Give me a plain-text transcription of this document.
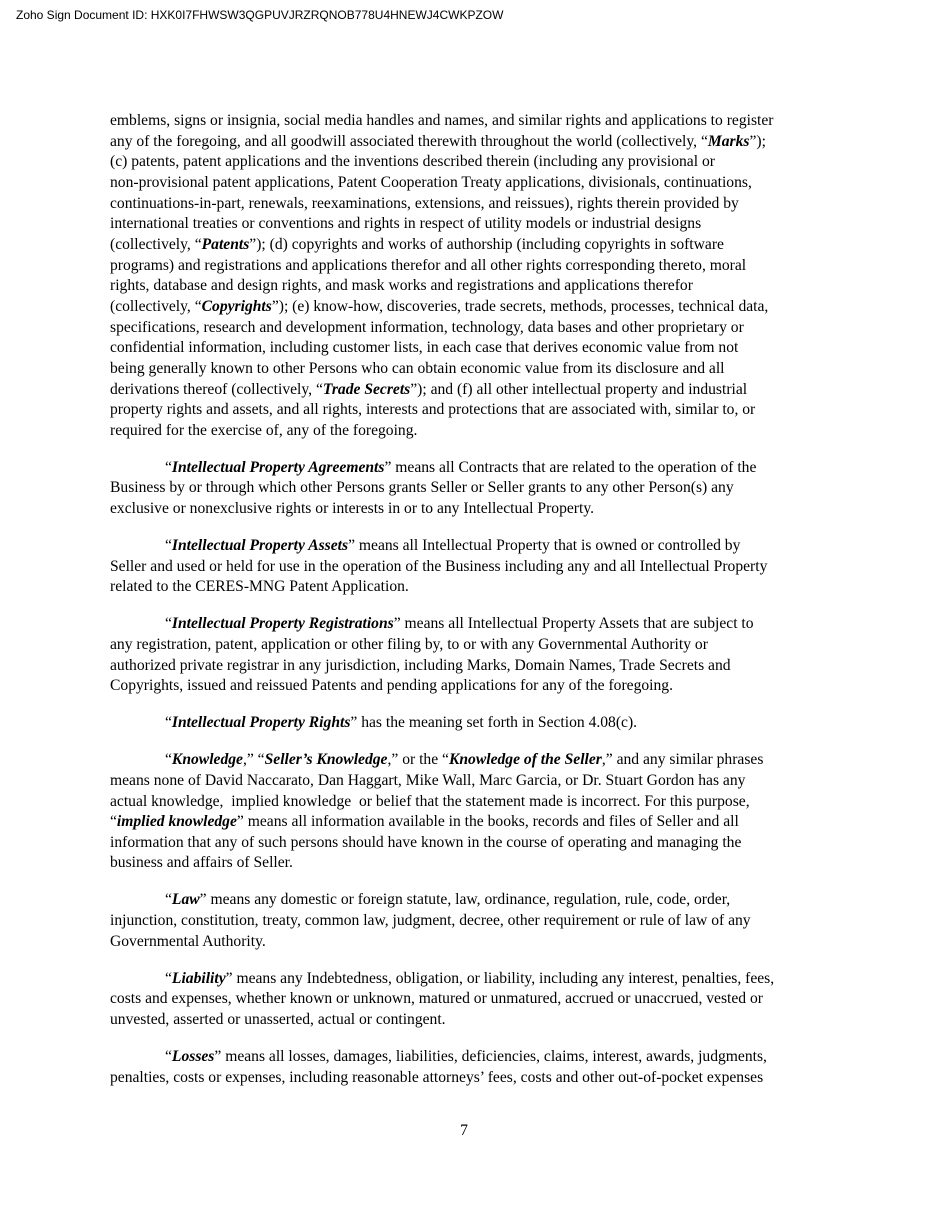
Zoho Sign Document ID: HXK0I7FHWSW3QGPUVJRZRQNOB778U4HNEWJ4CWKPZOW

emblems, signs or insignia, social media handles and names, and similar rights and applications to register
any of the foregoing, and all goodwill associated therewith throughout the world (collectively, “Marks”);
(c) patents, patent applications and the inventions described therein (including any provisional or
non-provisional patent applications, Patent Cooperation Treaty applications, divisionals, continuations,
continuations-in-part, renewals, reexaminations, extensions, and reissues), rights therein provided by
international treaties or conventions and rights in respect of utility models or industrial designs
(collectively, “Patents”); (d) copyrights and works of authorship (including copyrights in software
programs) and registrations and applications therefor and all other rights corresponding thereto, moral
rights, database and design rights, and mask works and registrations and applications therefor
(collectively, “Copyrights”); (e) know-how, discoveries, trade secrets, methods, processes, technical data,
specifications, research and development information, technology, data bases and other proprietary or
confidential information, including customer lists, in each case that derives economic value from not
being generally known to other Persons who can obtain economic value from its disclosure and all
derivations thereof (collectively, “Trade Secrets”); and (f) all other intellectual property and industrial
property rights and assets, and all rights, interests and protections that are associated with, similar to, or
required for the exercise of, any of the foregoing.

“Intellectual Property Agreements” means all Contracts that are related to the operation of the
Business by or through which other Persons grants Seller or Seller grants to any other Person(s) any
exclusive or nonexclusive rights or interests in or to any Intellectual Property.

“Intellectual Property Assets” means all Intellectual Property that is owned or controlled by
Seller and used or held for use in the operation of the Business including any and all Intellectual Property
related to the CERES-MNG Patent Application.

“Intellectual Property Registrations” means all Intellectual Property Assets that are subject to
any registration, patent, application or other filing by, to or with any Governmental Authority or
authorized private registrar in any jurisdiction, including Marks, Domain Names, Trade Secrets and
Copyrights, issued and reissued Patents and pending applications for any of the foregoing.

“Intellectual Property Rights” has the meaning set forth in Section 4.08(c).

“Knowledge,” “Seller’s Knowledge,” or the “Knowledge of the Seller,” and any similar phrases
means none of David Naccarato, Dan Haggart, Mike Wall, Marc Garcia, or Dr. Stuart Gordon has any
actual knowledge,  implied knowledge  or belief that the statement made is incorrect. For this purpose,
“implied knowledge” means all information available in the books, records and files of Seller and all
information that any of such persons should have known in the course of operating and managing the
business and affairs of Seller.

“Law” means any domestic or foreign statute, law, ordinance, regulation, rule, code, order,
injunction, constitution, treaty, common law, judgment, decree, other requirement or rule of law of any
Governmental Authority.

“Liability” means any Indebtedness, obligation, or liability, including any interest, penalties, fees,
costs and expenses, whether known or unknown, matured or unmatured, accrued or unaccrued, vested or
unvested, asserted or unasserted, actual or contingent.

“Losses” means all losses, damages, liabilities, deficiencies, claims, interest, awards, judgments,
penalties, costs or expenses, including reasonable attorneys’ fees, costs and other out-of-pocket expenses

7
